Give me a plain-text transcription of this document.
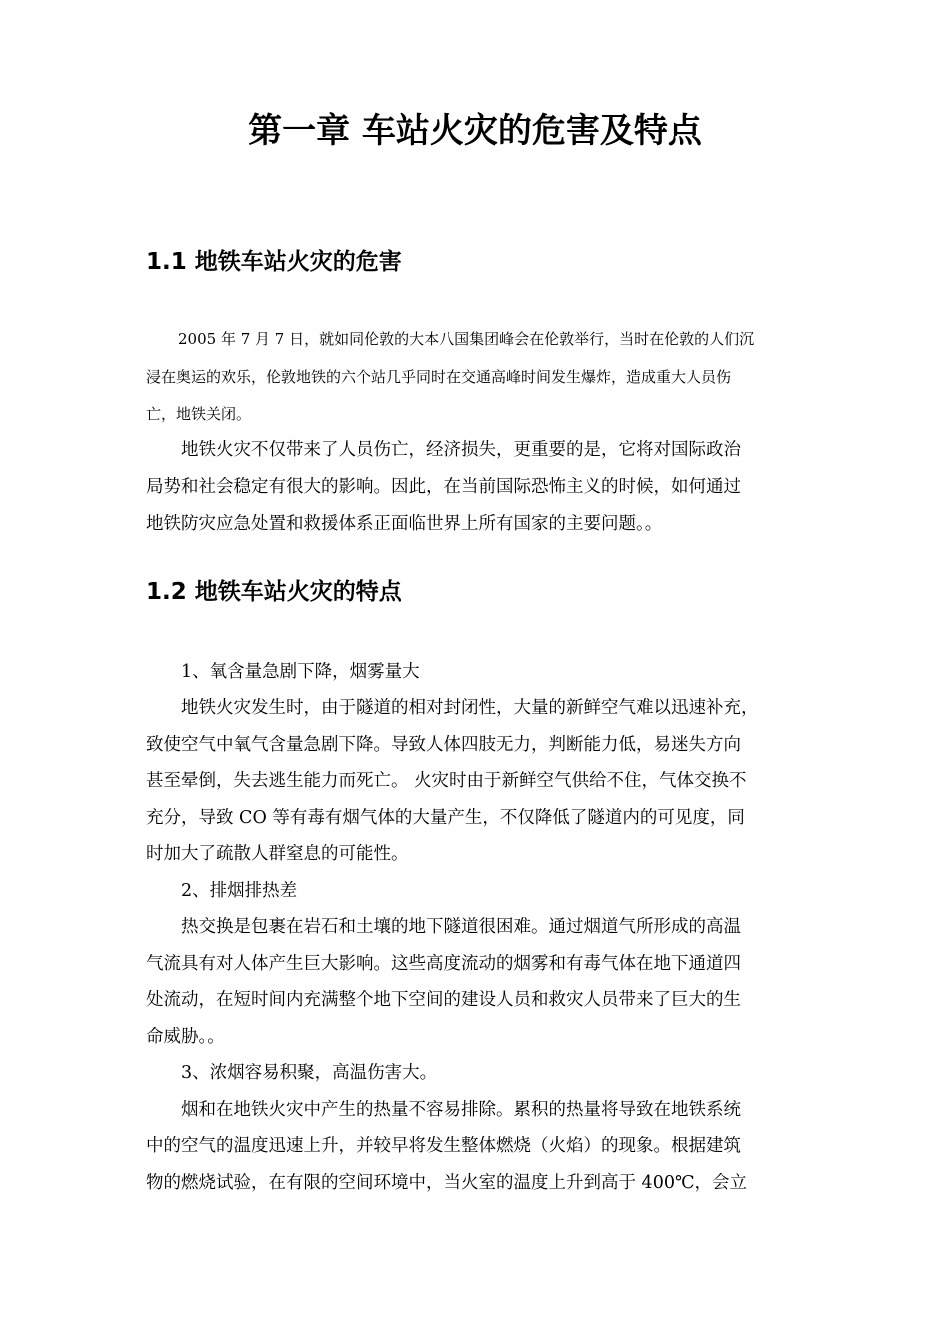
第一章 车站火灾的危害及特点
1.1 地铁车站火灾的危害
2005 年 7 月 7 日，就如同伦敦的大本八国集团峰会在伦敦举行，当时在伦敦的人们沉
浸在奥运的欢乐，伦敦地铁的六个站几乎同时在交通高峰时间发生爆炸，造成重大人员伤
亡，地铁关闭。
地铁火灾不仅带来了人员伤亡，经济损失，更重要的是，它将对国际政治
局势和社会稳定有很大的影响。因此，在当前国际恐怖主义的时候，如何通过
地铁防灾应急处置和救援体系正面临世界上所有国家的主要问题。。
1.2 地铁车站火灾的特点
1、氧含量急剧下降，烟雾量大
地铁火灾发生时，由于隧道的相对封闭性，大量的新鲜空气难以迅速补充，
致使空气中氧气含量急剧下降。导致人体四肢无力，判断能力低，易迷失方向
甚至晕倒，失去逃生能力而死亡。 火灾时由于新鲜空气供给不住，气体交换不
充分，导致 CO 等有毒有烟气体的大量产生，不仅降低了隧道内的可见度，同
时加大了疏散人群窒息的可能性。
2、排烟排热差
热交换是包裹在岩石和土壤的地下隧道很困难。通过烟道气所形成的高温
气流具有对人体产生巨大影响。这些高度流动的烟雾和有毒气体在地下通道四
处流动，在短时间内充满整个地下空间的建设人员和救灾人员带来了巨大的生
命威胁。。
3、浓烟容易积聚，高温伤害大。
烟和在地铁火灾中产生的热量不容易排除。累积的热量将导致在地铁系统
中的空气的温度迅速上升，并较早将发生整体燃烧（火焰）的现象。根据建筑
物的燃烧试验，在有限的空间环境中，当火室的温度上升到高于 400℃，会立
